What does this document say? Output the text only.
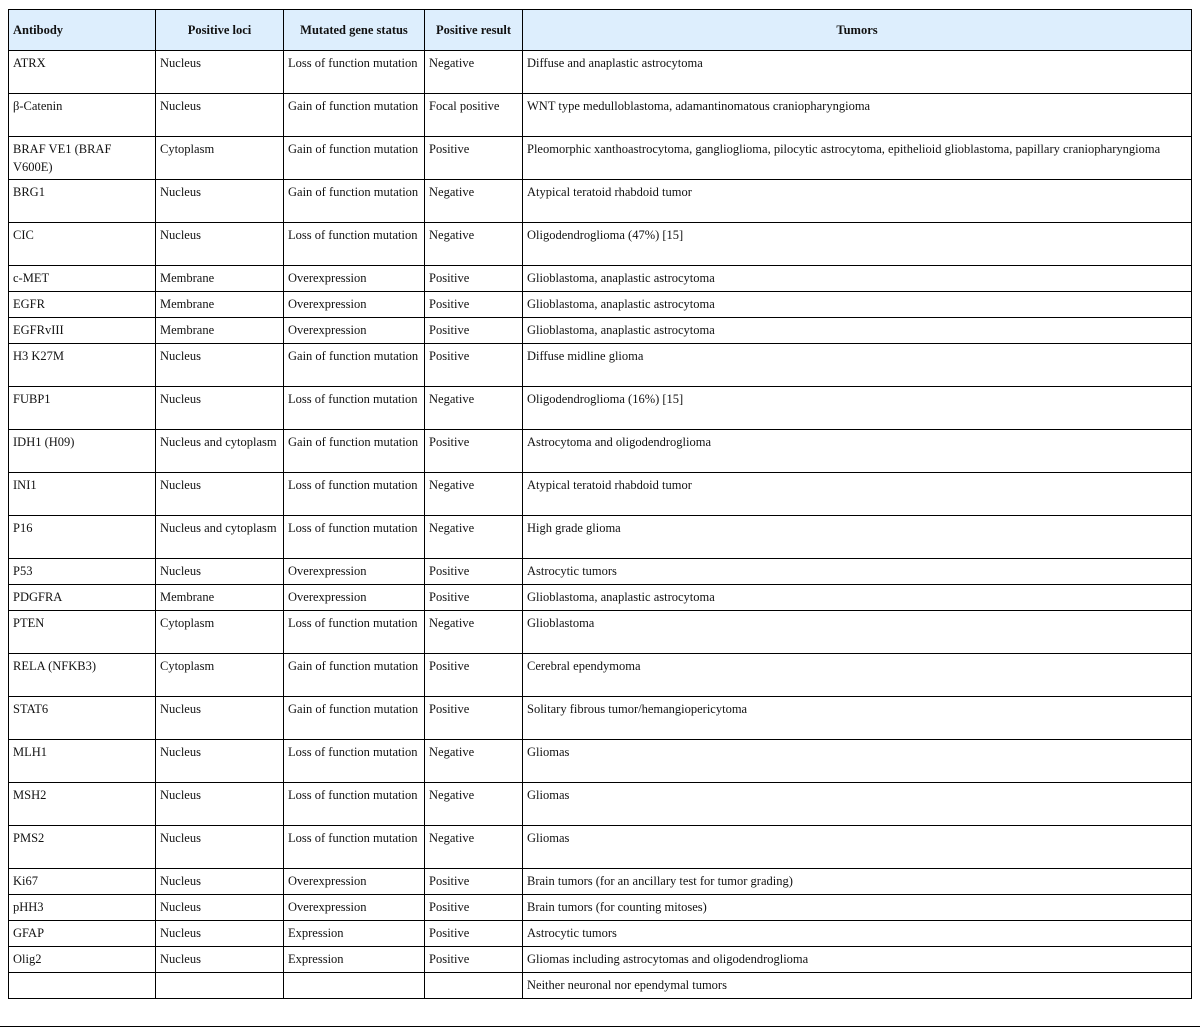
Antibody	Positive loci	Mutated gene status	Positive result	Tumors
ATRX	Nucleus	Loss of function mutation	Negative	Diffuse and anaplastic astrocytoma
β-Catenin	Nucleus	Gain of function mutation	Focal positive	WNT type medulloblastoma, adamantinomatous craniopharyngioma
BRAF VE1 (BRAF V600E)	Cytoplasm	Gain of function mutation	Positive	Pleomorphic xanthoastrocytoma, ganglioglioma, pilocytic astrocytoma, epithelioid glioblastoma, papillary craniopharyngioma
BRG1	Nucleus	Gain of function mutation	Negative	Atypical teratoid rhabdoid tumor
CIC	Nucleus	Loss of function mutation	Negative	Oligodendroglioma (47%) [15]
c-MET	Membrane	Overexpression	Positive	Glioblastoma, anaplastic astrocytoma
EGFR	Membrane	Overexpression	Positive	Glioblastoma, anaplastic astrocytoma
EGFRvIII	Membrane	Overexpression	Positive	Glioblastoma, anaplastic astrocytoma
H3 K27M	Nucleus	Gain of function mutation	Positive	Diffuse midline glioma
FUBP1	Nucleus	Loss of function mutation	Negative	Oligodendroglioma (16%) [15]
IDH1 (H09)	Nucleus and cytoplasm	Gain of function mutation	Positive	Astrocytoma and oligodendroglioma
INI1	Nucleus	Loss of function mutation	Negative	Atypical teratoid rhabdoid tumor
P16	Nucleus and cytoplasm	Loss of function mutation	Negative	High grade glioma
P53	Nucleus	Overexpression	Positive	Astrocytic tumors
PDGFRA	Membrane	Overexpression	Positive	Glioblastoma, anaplastic astrocytoma
PTEN	Cytoplasm	Loss of function mutation	Negative	Glioblastoma
RELA (NFKB3)	Cytoplasm	Gain of function mutation	Positive	Cerebral ependymoma
STAT6	Nucleus	Gain of function mutation	Positive	Solitary fibrous tumor/hemangiopericytoma
MLH1	Nucleus	Loss of function mutation	Negative	Gliomas
MSH2	Nucleus	Loss of function mutation	Negative	Gliomas
PMS2	Nucleus	Loss of function mutation	Negative	Gliomas
Ki67	Nucleus	Overexpression	Positive	Brain tumors (for an ancillary test for tumor grading)
pHH3	Nucleus	Overexpression	Positive	Brain tumors (for counting mitoses)
GFAP	Nucleus	Expression	Positive	Astrocytic tumors
Olig2	Nucleus	Expression	Positive	Gliomas including astrocytomas and oligodendroglioma
				Neither neuronal nor ependymal tumors
